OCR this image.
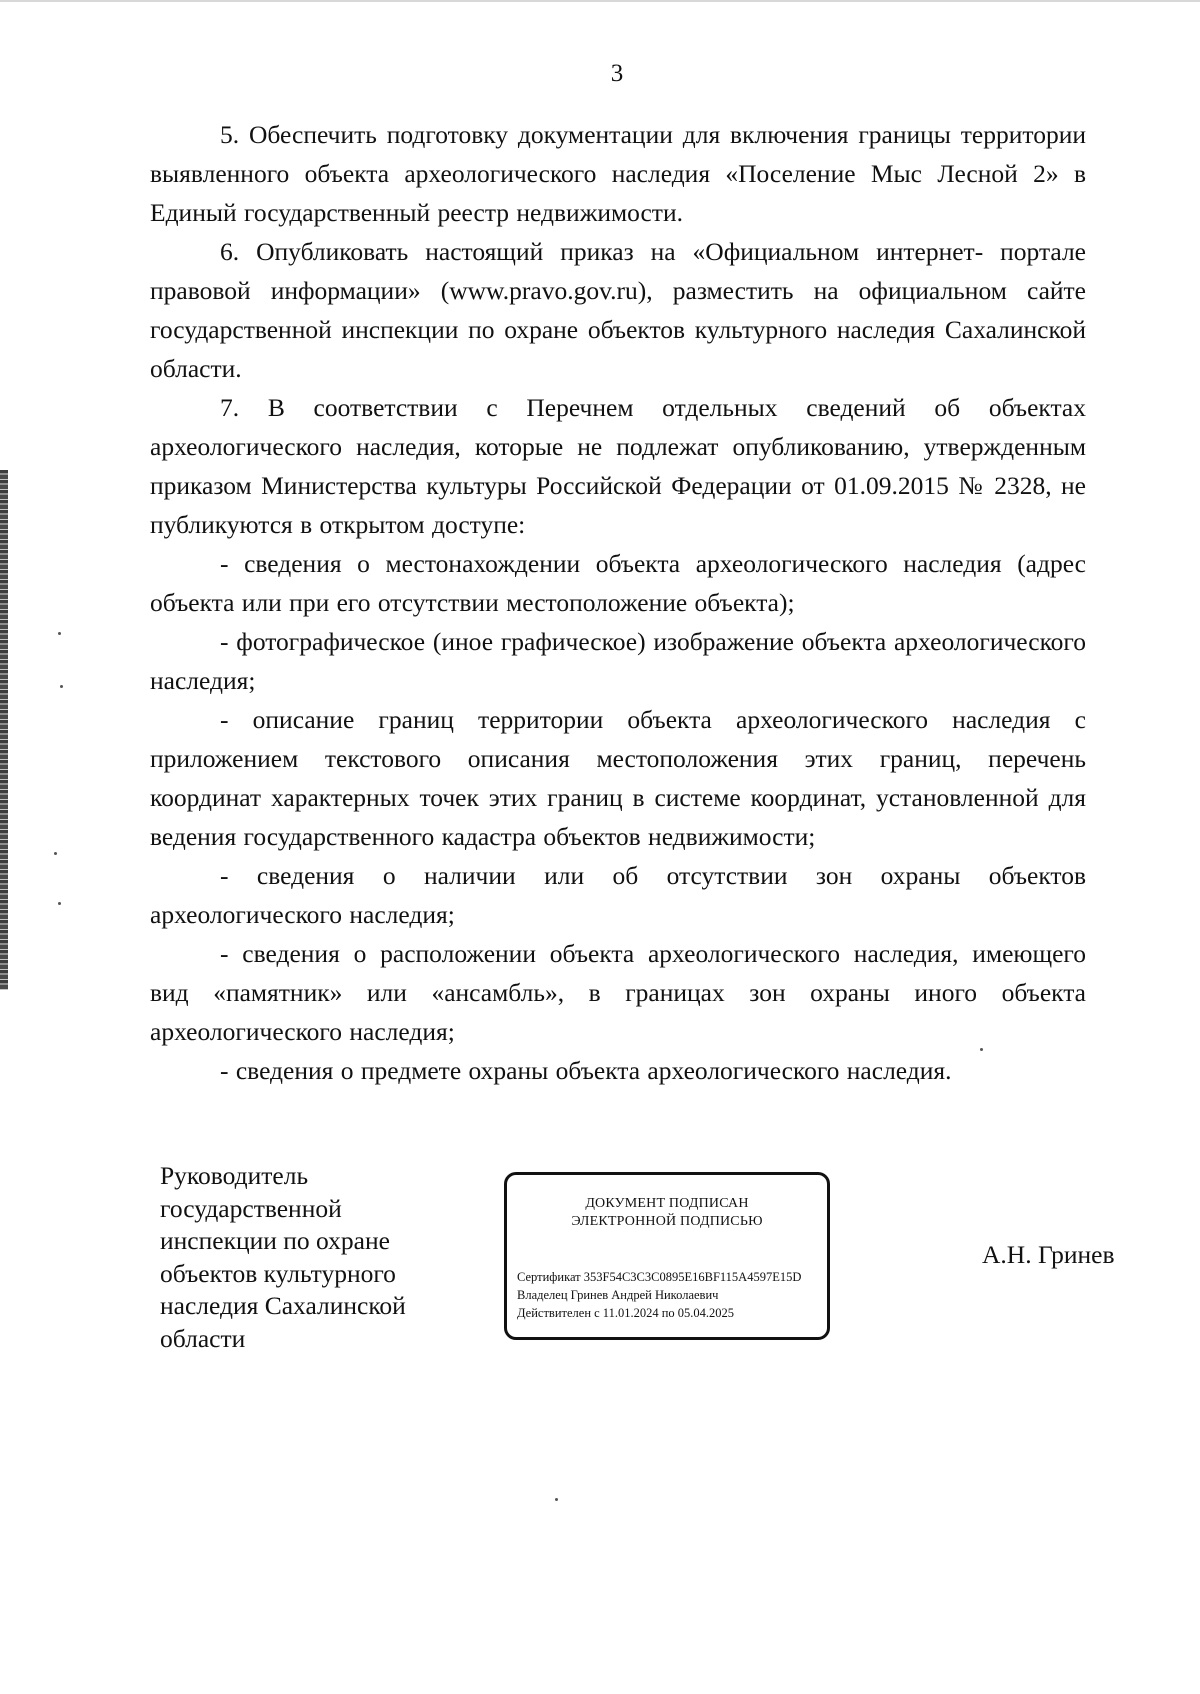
3

5. Обеспечить подготовку документации для включения границы территории выявленного объекта археологического наследия «Поселение Мыс Лесной 2» в Единый государственный реестр недвижимости.

6. Опубликовать настоящий приказ на «Официальном интернет- портале правовой информации» (www.pravo.gov.ru), разместить на официальном сайте государственной инспекции по охране объектов культурного наследия Сахалинской области.

7. В соответствии с Перечнем отдельных сведений об объектах археологического наследия, которые не подлежат опубликованию, утвержденным приказом Министерства культуры Российской Федерации от 01.09.2015 № 2328, не публикуются в открытом доступе:

- сведения о местонахождении объекта археологического наследия (адрес объекта или при его отсутствии местоположение объекта);

- фотографическое (иное графическое) изображение объекта археологического наследия;

- описание границ территории объекта археологического наследия с приложением текстового описания местоположения этих границ, перечень координат характерных точек этих границ в системе координат, установленной для ведения государственного кадастра объектов недвижимости;

- сведения о наличии или об отсутствии зон охраны объектов археологического наследия;

- сведения о расположении объекта археологического наследия, имеющего вид «памятник» или «ансамбль», в границах зон охраны иного объекта археологического наследия;

- сведения о предмете охраны объекта археологического наследия.

Руководитель
государственной
инспекции по охране
объектов культурного
наследия Сахалинской
области
ДОКУМЕНТ ПОДПИСАН
ЭЛЕКТРОННОЙ ПОДПИСЬЮ
Сертификат 353F54C3C3C0895E16BF115A4597E15D
Владелец Гринев Андрей Николаевич
Действителен с 11.01.2024 по 05.04.2025
А.Н. Гринев
